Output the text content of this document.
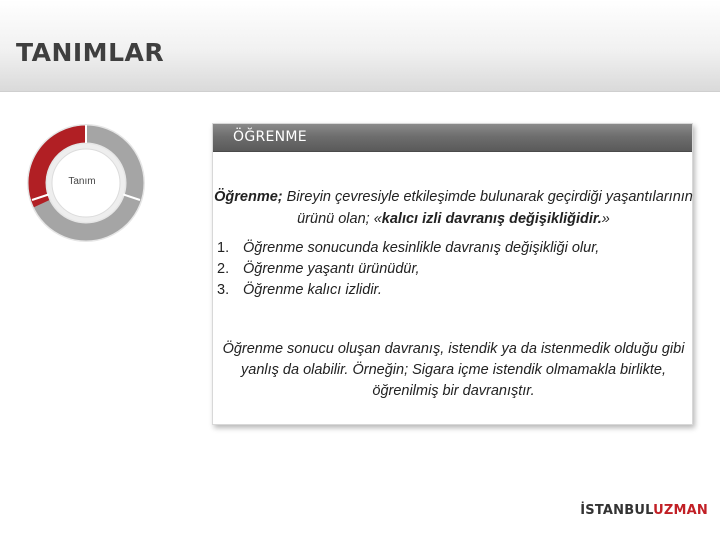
TANIMLAR
Tanım
ÖĞRENME
Öğrenme; Bireyin çevresiyle etkileşimde bulunarak geçirdiği yaşantılarının ürünü olan; «kalıcı izli davranış değişikliğidir.»
1. Öğrenme sonucunda kesinlikle davranış değişikliği olur,
2. Öğrenme yaşantı ürünüdür,
3. Öğrenme kalıcı izlidir.
Öğrenme sonucu oluşan davranış, istendik ya da istenmedik olduğu gibi yanlış da olabilir. Örneğin; Sigara içme istendik olmamakla birlikte, öğrenilmiş bir davranıştır.
İSTANBULUZMAN
